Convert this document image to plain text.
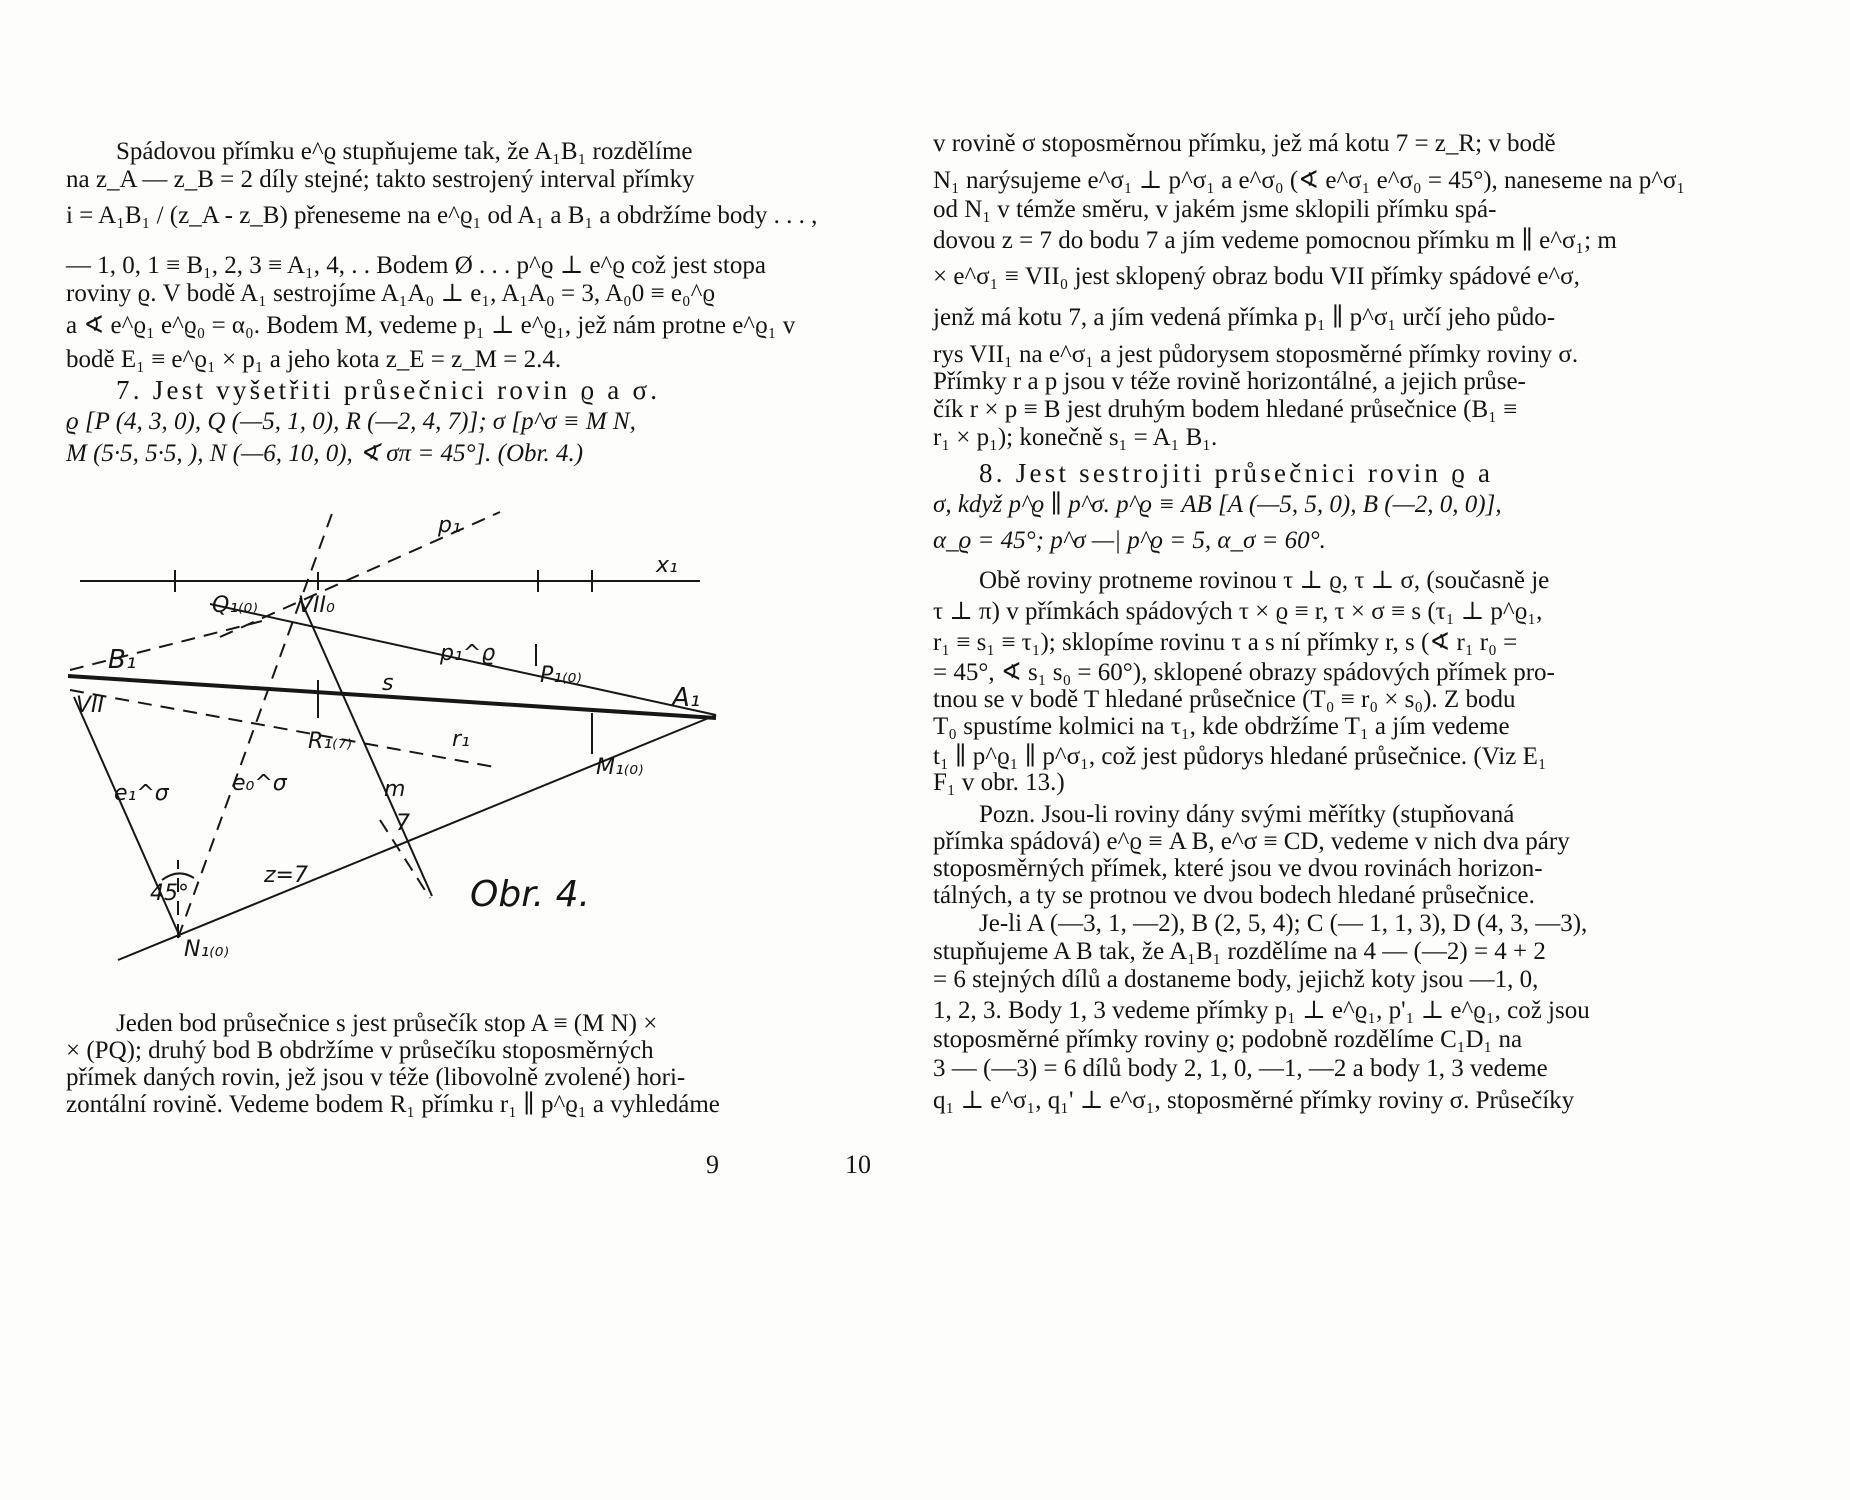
Spádovou přímku e^ϱ stupňujeme tak, že A₁B₁ rozdělíme
na z_A — z_B = 2 díly stejné; takto sestrojený interval přímky
i = A₁B₁ / (z_A - z_B) přeneseme na e^ϱ₁ od A₁ a B₁ a obdržíme body . . . ,
— 1, 0, 1 ≡ B₁, 2, 3 ≡ A₁, 4, . . Bodem Ø . . . p^ϱ ⊥ e^ϱ což jest stopa
roviny ϱ. V bodě A₁ sestrojíme A₁A₀ ⊥ e₁, A₁A₀ = 3, A₀0 ≡ e₀^ϱ
a ∢ e^ϱ₁ e^ϱ₀ = α₀. Bodem M, vedeme p₁ ⊥ e^ϱ₁, jež nám protne e^ϱ₁ v
bodě E₁ ≡ e^ϱ₁ × p₁ a jeho kota z_E = z_M = 2.4.
7. Jest vyšetřiti průsečnici rovin ϱ a σ.
ϱ [P (4, 3, 0), Q (—5, 1, 0), R (—2, 4, 7)]; σ [p^σ ≡ M N,
M (5·5, 5·5, ), N (—6, 10, 0), ∢ σπ = 45°]. (Obr. 4.)
p₁
x₁
Q₁₍₀₎ VII₀
B₁
VII
p₁^ϱ
s	P₁₍₀₎
A₁
R₁₍₇₎	r₁
M₁₍₀₎
e₁^σ	e₀^σ	m
7
z=7
45°
N₁₍₀₎
Obr. 4.
Jeden bod průsečnice s jest průsečík stop A ≡ (M N) ×
× (PQ); druhý bod B obdržíme v průsečíku stoposměrných
přímek daných rovin, jež jsou v téže (libovolně zvolené) hori-
zontální rovině. Vedeme bodem R₁ přímku r₁ ∥ p^ϱ₁ a vyhledáme
9
v rovině σ stoposměrnou přímku, jež má kotu 7 = z_R; v bodě
N₁ narýsujeme e^σ₁ ⊥ p^σ₁ a e^σ₀ (∢ e^σ₁ e^σ₀ = 45°), naneseme na p^σ₁
od N₁ v témže směru, v jakém jsme sklopili přímku spá-
dovou z = 7 do bodu 7 a jím vedeme pomocnou přímku m ∥ e^σ₁; m
× e^σ₁ ≡ VII₀ jest sklopený obraz bodu VII přímky spádové e^σ,
jenž má kotu 7, a jím vedená přímka p₁ ∥ p^σ₁ určí jeho půdo-
rys VII₁ na e^σ₁ a jest půdorysem stoposměrné přímky roviny σ.
Přímky r a p jsou v téže rovině horizontálné, a jejich průse-
čík r × p ≡ B jest druhým bodem hledané průsečnice (B₁ ≡
r₁ × p₁); konečně s₁ = A₁ B₁.
8. Jest sestrojiti průsečnici rovin ϱ a
σ, když p^ϱ ∥ p^σ. p^ϱ ≡ AB [A (—5, 5, 0), B (—2, 0, 0)],
α_ϱ = 45°; p^σ —| p^ϱ = 5, α_σ = 60°.
Obě roviny protneme rovinou τ ⊥ ϱ, τ ⊥ σ, (současně je
τ ⊥ π) v přímkách spádových τ × ϱ ≡ r, τ × σ ≡ s (τ₁ ⊥ p^ϱ₁,
r₁ ≡ s₁ ≡ τ₁); sklopíme rovinu τ a s ní přímky r, s (∢ r₁ r₀ =
= 45°, ∢ s₁ s₀ = 60°), sklopené obrazy spádových přímek pro-
tnou se v bodě T hledané průsečnice (T₀ ≡ r₀ × s₀). Z bodu
T₀ spustíme kolmici na τ₁, kde obdržíme T₁ a jím vedeme
t₁ ∥ p^ϱ₁ ∥ p^σ₁, což jest půdorys hledané průsečnice. (Viz E₁
F₁ v obr. 13.)
Pozn. Jsou-li roviny dány svými měřítky (stupňovaná
přímka spádová) e^ϱ ≡ A B, e^σ ≡ CD, vedeme v nich dva páry
stoposměrných přímek, které jsou ve dvou rovinách horizon-
tálných, a ty se protnou ve dvou bodech hledané průsečnice.
Je-li A (—3, 1, —2), B (2, 5, 4); C (— 1, 1, 3), D (4, 3, —3),
stupňujeme A B tak, že A₁B₁ rozdělíme na 4 — (—2) = 4 + 2
= 6 stejných dílů a dostaneme body, jejichž koty jsou —1, 0,
1, 2, 3. Body 1, 3 vedeme přímky p₁ ⊥ e^ϱ₁, p'₁ ⊥ e^ϱ₁, což jsou
stoposměrné přímky roviny ϱ; podobně rozdělíme C₁D₁ na
3 — (—3) = 6 dílů body 2, 1, 0, —1, —2 a body 1, 3 vedeme
q₁ ⊥ e^σ₁, q₁' ⊥ e^σ₁, stoposměrné přímky roviny σ. Průsečíky
10
